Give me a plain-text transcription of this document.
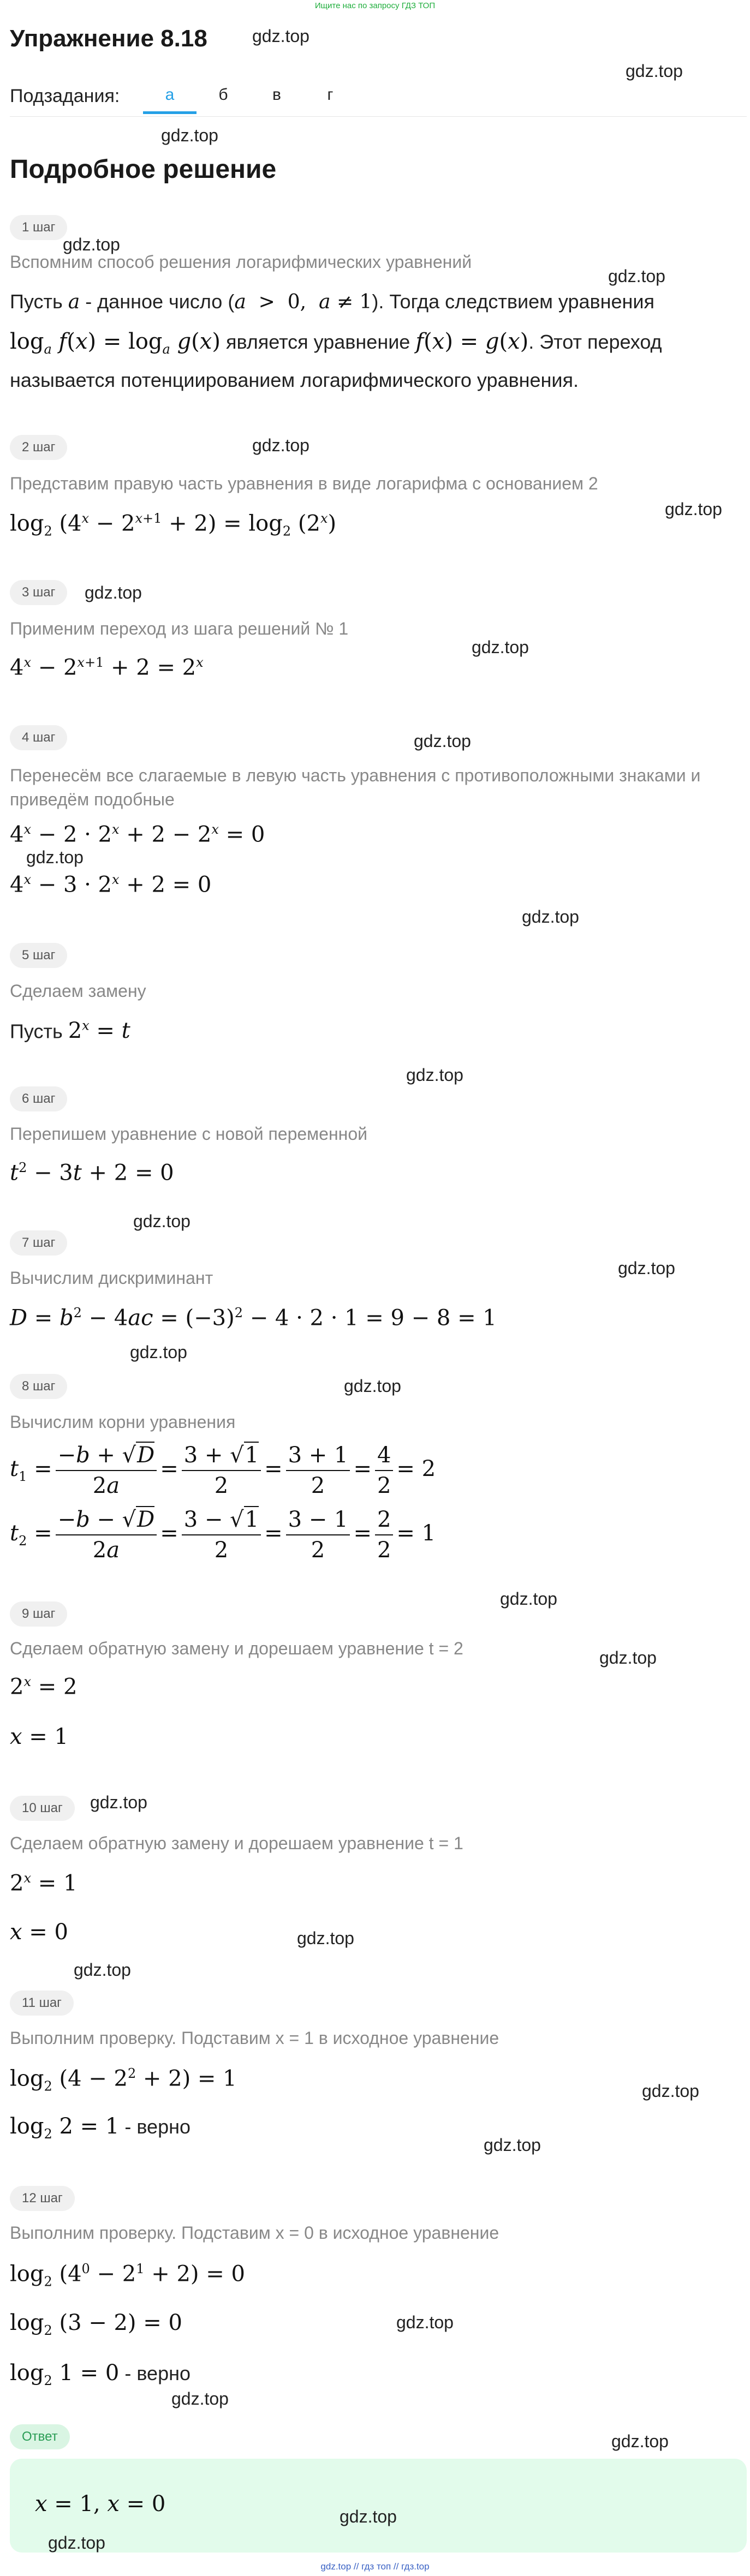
Ищите нас по запросу ГДЗ ТОП
Упражнение 8.18	gdz.top
gdz.top
Подзадания:	а	б	в	г
gdz.top
Подробное решение
1 шаг
gdz.top
gdz.top
Вспомним способ решения логарифмических уравнений
Пусть a - данное число (a  >  0,  a ≠ 1). Тогда следствием уравнения
$\log_a f(x) = \log_a g(x)$ является уравнение f(x) = g(x). Этот переход
называется потенциированием логарифмического уравнения.
2 шаг	gdz.top
Представим правую часть уравнения в виде логарифма с основанием 2
gdz.top
$\log_2 (4^x - 2^{x+1} + 2) = \log_2 (2^x)$
3 шаг	gdz.top
Применим переход из шага решений № 1
gdz.top
$4^x - 2^{x+1} + 2 = 2^x$
4 шаг	gdz.top
Перенесём все слагаемые в левую часть уравнения с противоположными знаками и приведём подобные
$4^x - 2 \cdot 2^x + 2 - 2^x = 0$
gdz.top
$4^x - 3 \cdot 2^x + 2 = 0$
gdz.top
5 шаг
Сделаем замену
Пусть $2^x = t$
gdz.top
6 шаг
Перепишем уравнение с новой переменной
$t^2 - 3t + 2 = 0$
gdz.top
7 шаг
gdz.top
Вычислим дискриминант
$D = b^2 - 4ac = (-3)^2 - 4 \cdot 2 \cdot 1 = 9 - 8 = 1$
gdz.top
8 шаг	gdz.top
Вычислим корни уравнения
$t_1 = \frac{-b + √D}{2a} = \frac{3 + √1}{2} = \frac{3 + 1}{2} = \frac{4}{2} = 2$
$t_2 = \frac{-b - √D}{2a} = \frac{3 - √1}{2} = \frac{3 - 1}{2} = \frac{2}{2} = 1$
gdz.top
9 шаг
Сделаем обратную замену и дорешаем уравнение t = 2	gdz.top
$2^x = 2$
x = 1
10 шаг	gdz.top
Сделаем обратную замену и дорешаем уравнение t = 1
$2^x = 1$
x = 0	gdz.top
gdz.top
11 шаг
Выполним проверку. Подставим x = 1 в исходное уравнение
$\log_2 (4 - 2^2 + 2) = 1$	gdz.top
$\log_2 2 = 1$ - верно
gdz.top
12 шаг
Выполним проверку. Подставим x = 0 в исходное уравнение
$\log_2 (4^0 - 2^1 + 2) = 0$
$\log_2 (3 - 2) = 0$	gdz.top
$\log_2 1 = 0$ - верно
gdz.top
Ответ	gdz.top
x = 1, x = 0	gdz.top
gdz.top
gdz.top // гдз топ // гдз.top
